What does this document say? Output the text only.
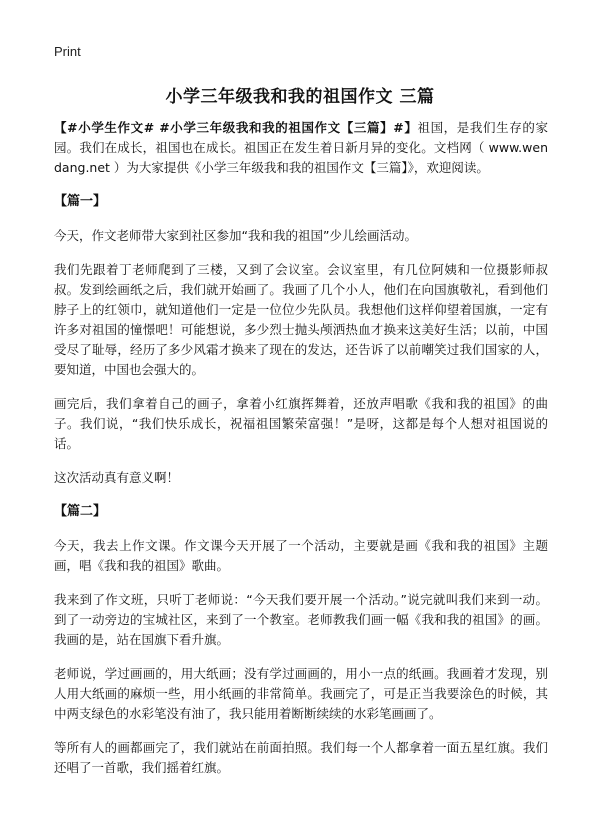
Print
小学三年级我和我的祖国作文 三篇

【#小学生作文# #小学三年级我和我的祖国作文【三篇】#】祖国，是我们生存的家园。我们在成长，祖国也在成长。祖国正在发生着日新月异的变化。文档网（ www.wendang.net ）为大家提供《小学三年级我和我的祖国作文【三篇】》，欢迎阅读。

【篇一】

今天，作文老师带大家到社区参加“我和我的祖国”少儿绘画活动。

我们先跟着丁老师爬到了三楼，又到了会议室。会议室里，有几位阿姨和一位摄影师叔叔。发到绘画纸之后，我们就开始画了。我画了几个小人，他们在向国旗敬礼，看到他们脖子上的红领巾，就知道他们一定是一位位少先队员。我想他们这样仰望着国旗，一定有许多对祖国的憧憬吧！可能想说，多少烈士抛头颅洒热血才换来这美好生活；以前，中国受尽了耻辱，经历了多少风霜才换来了现在的发达，还告诉了以前嘲笑过我们国家的人，要知道，中国也会强大的。

画完后，我们拿着自己的画子，拿着小红旗挥舞着，还放声唱歌《我和我的祖国》的曲子。我们说，“我们快乐成长，祝福祖国繁荣富强！”是呀，这都是每个人想对祖国说的话。

这次活动真有意义啊！

【篇二】

今天，我去上作文课。作文课今天开展了一个活动，主要就是画《我和我的祖国》主题画，唱《我和我的祖国》歌曲。

我来到了作文班，只听丁老师说：“今天我们要开展一个活动。”说完就叫我们来到一动。到了一动旁边的宝城社区，来到了一个教室。老师教我们画一幅《我和我的祖国》的画。我画的是，站在国旗下看升旗。

老师说，学过画画的，用大纸画；没有学过画画的，用小一点的纸画。我画着才发现，别人用大纸画的麻烦一些，用小纸画的非常简单。我画完了，可是正当我要涂色的时候，其中两支绿色的水彩笔没有油了，我只能用着断断续续的水彩笔画画了。

等所有人的画都画完了，我们就站在前面拍照。我们每一个人都拿着一面五星红旗。我们还唱了一首歌，我们摇着红旗。
